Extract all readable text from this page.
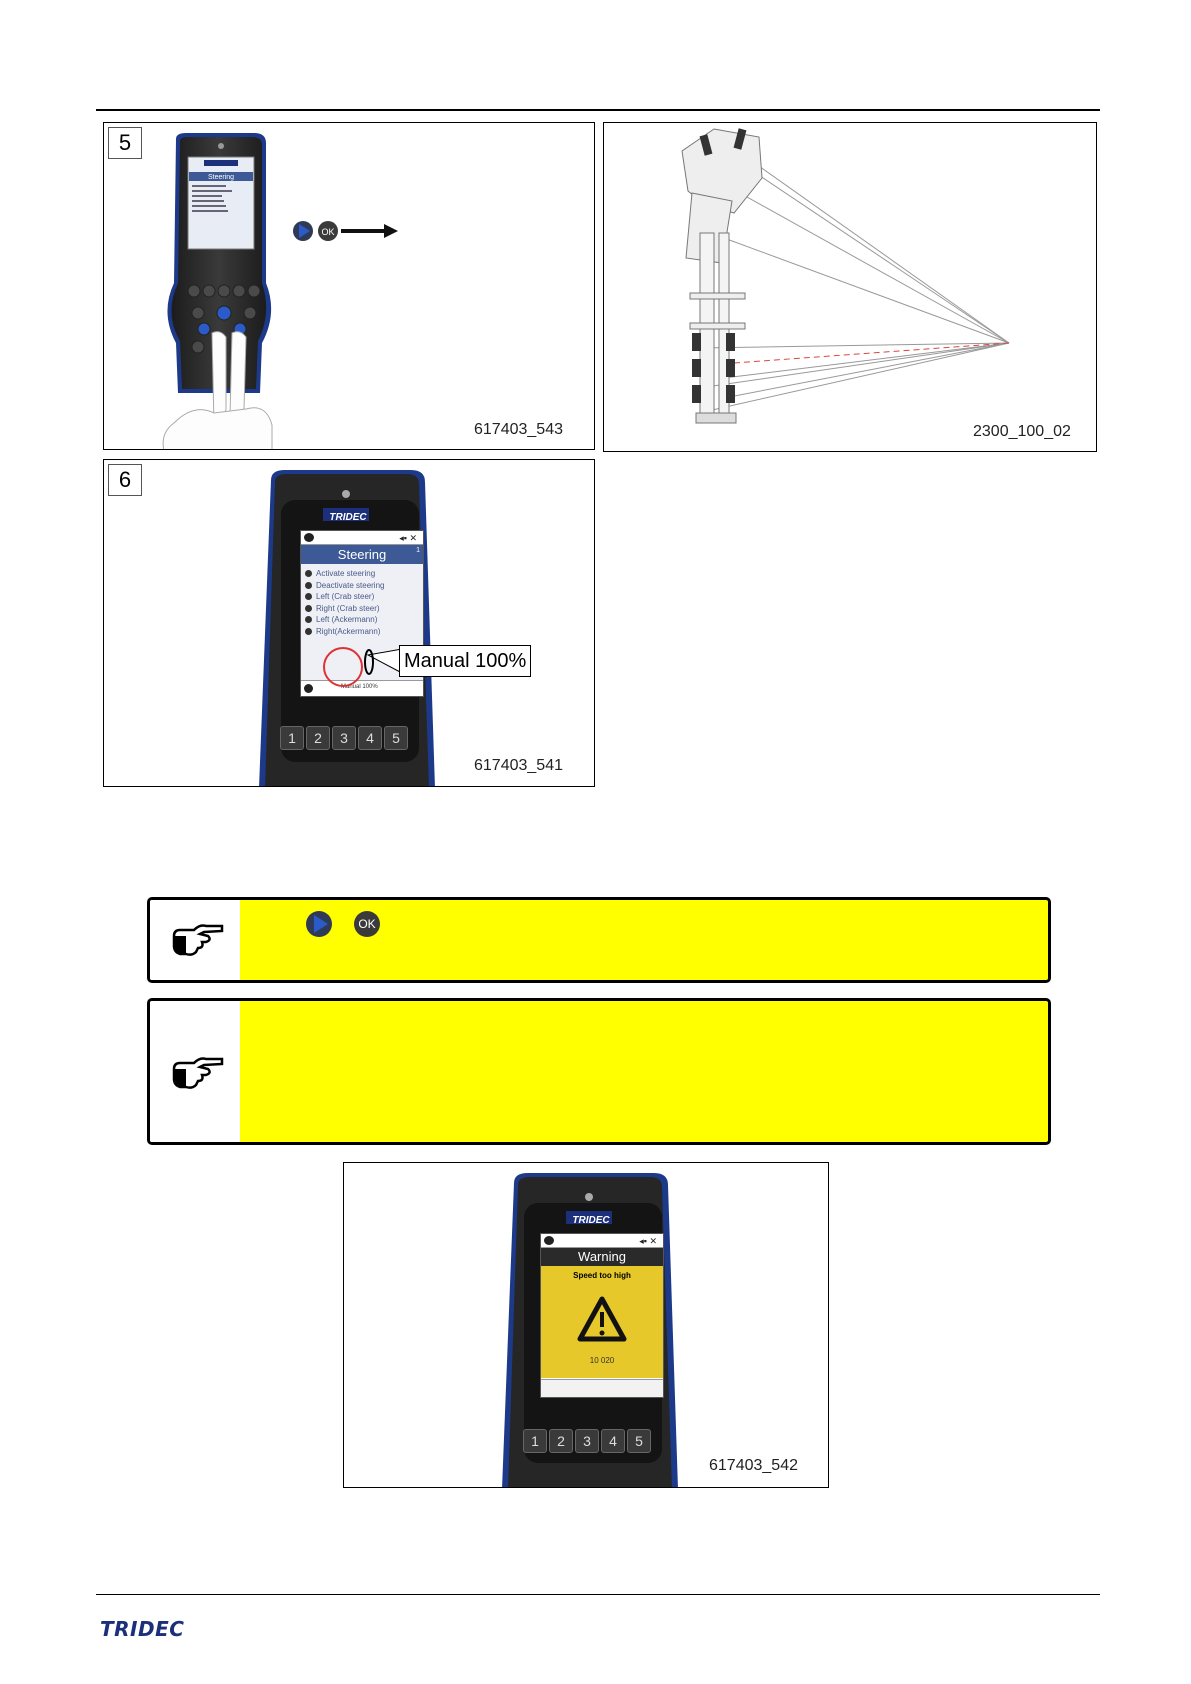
5
Steering
OK
617403_543	2300_100_02
6
TRIDEC
◂▪ ✕
Steering	1
Activate steering
Deactivate steering
Left (Crab steer)
Right (Crab steer)
Left (Ackermann)
Right(Ackermann)
Manual 100%
Manual 100%
1	2	3	4	5
617403_541
OK
TRIDEC
◂▪ ✕
Warning
Speed too high
10 020
1	2	3	4	5
617403_542
TRIDEC
